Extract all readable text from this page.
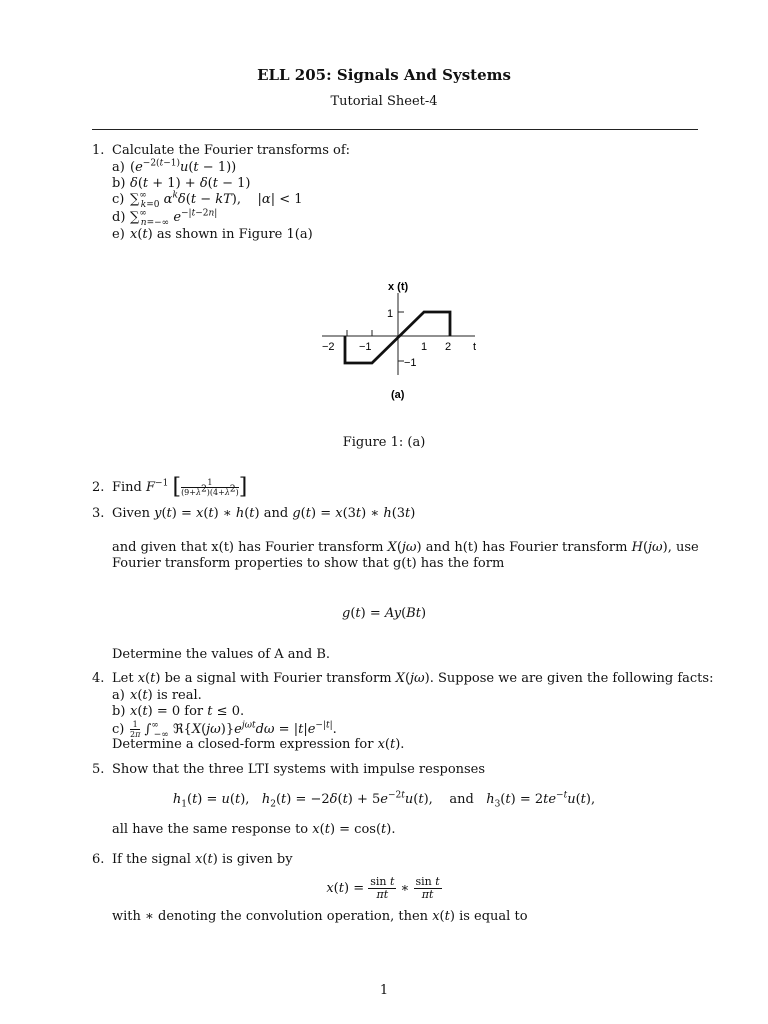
ELL 205: Signals And Systems
Tutorial Sheet-4
1. Calculate the Fourier transforms of:
a) $(e^{-2(t-1)}u(t - 1))$
b) δ(t + 1) + δ(t − 1)
c) $\sum^\infty_{k=0}$ $\alpha^k\delta(t - kT)$,    |α| < 1
d) $\sum^\infty_{n=-\infty}$ $e^{-|t-2n|}$
e) x(t) as shown in Figure 1(a)
x (t)
1
−1
−2 −1	1 2 t
(a)
Figure 1: (a)
2. Find $F^{-1}$ [ $\frac{1}{(9+\lambda^2)(4+\lambda^2)}$ ]
3. Given y(t) = x(t) ∗ h(t) and g(t) = x(3t) ∗ h(3t)
and given that x(t) has Fourier transform X(jω) and h(t) has Fourier transform H(jω), use
Fourier transform properties to show that g(t) has the form
g(t) = Ay(Bt)
Determine the values of A and B.
4. Let x(t) be a signal with Fourier transform X(jω). Suppose we are given the following facts:
a) x(t) is real.
b) x(t) = 0 for t ≤ 0.
$c) \frac{1}{2\pi} \int^\infty_{-\infty}$ $ℜ\{X(j\omega)\}e^{j\omega t}d\omega = |t|e^{-|t|}$.
Determine a closed-form expression for x(t).
5. Show that the three LTI systems with impulse responses
$h_1(t) = u(t)$,   $h_2(t) = -2\delta(t) + 5e^{-2t}u(t)$,    and $h_3(t) = 2te^{-t}u(t)$,
all have the same response to x(t) = cos(t).
6. If the signal x(t) is given by
$x(t) = \frac{\text{sin t}}{\pi t}$ ∗ $\frac{\text{sin t}}{\pi t}$
with ∗ denoting the convolution operation, then x(t) is equal to
1
